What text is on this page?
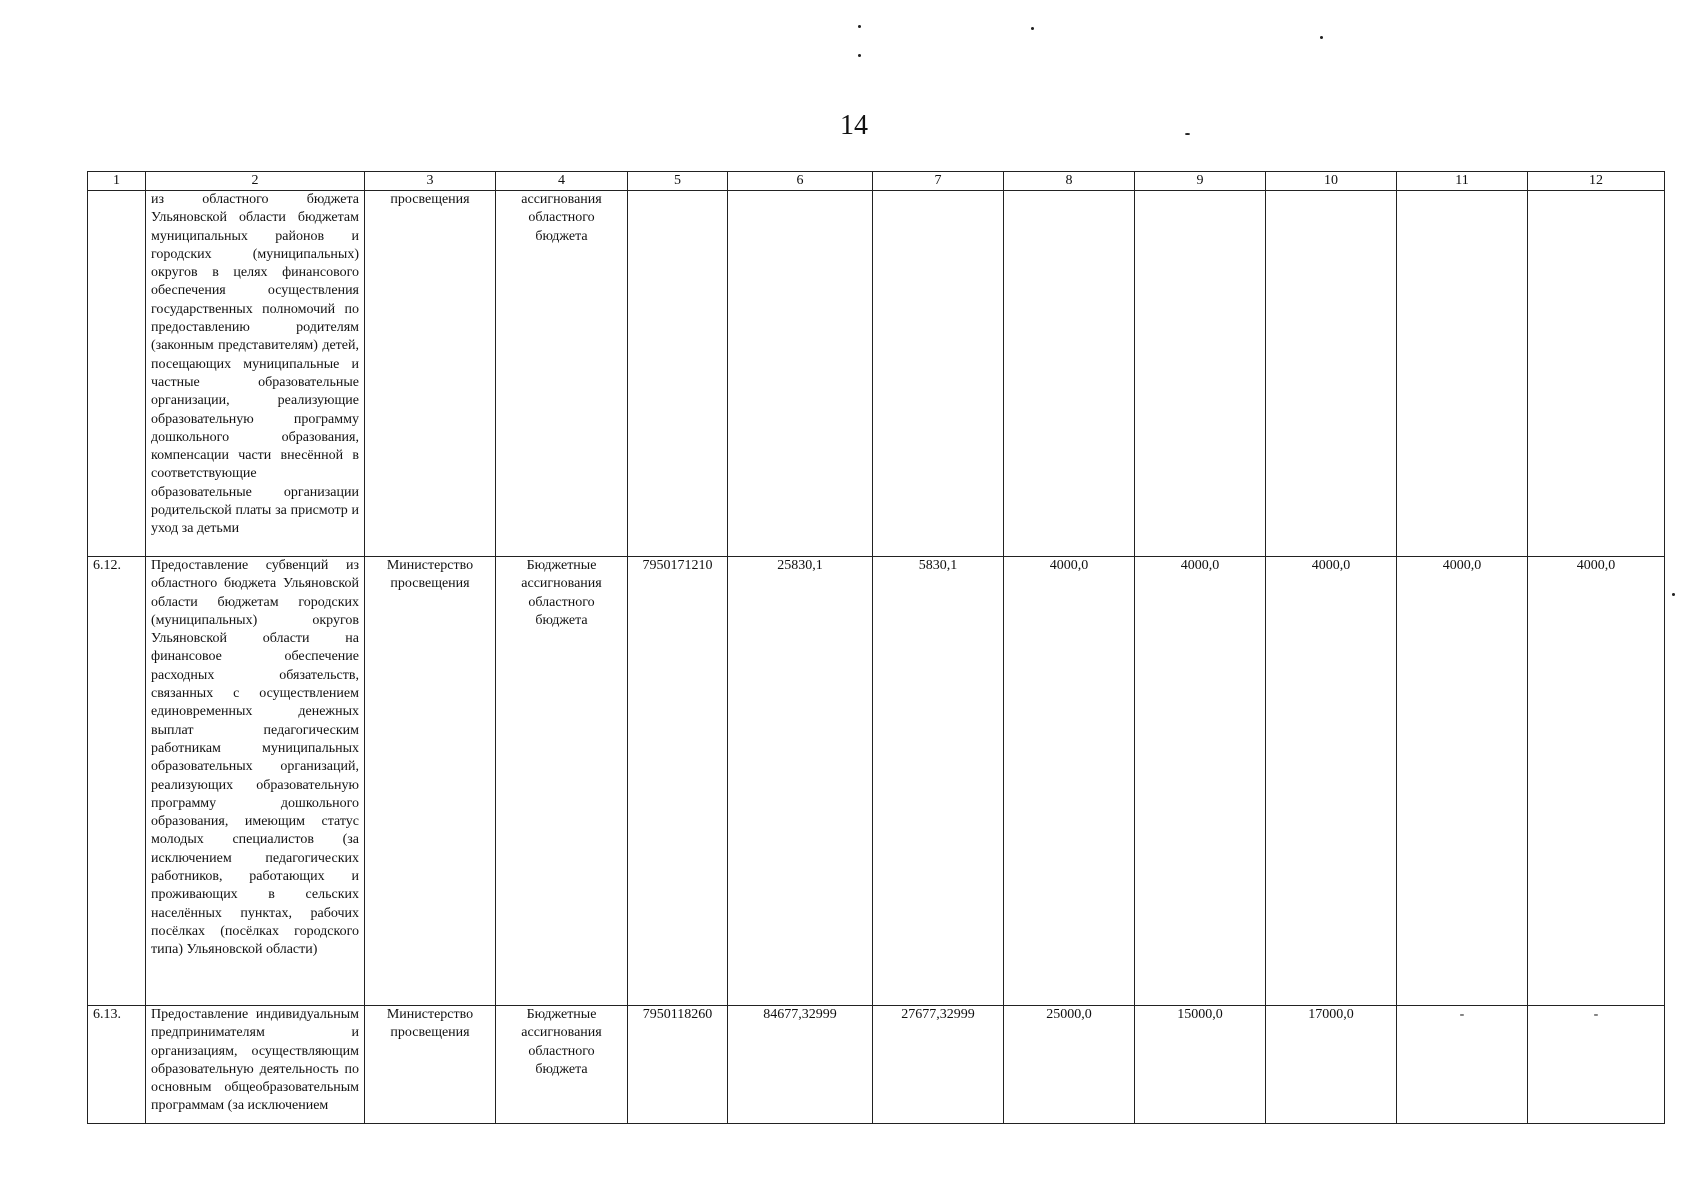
14
1	2	3	4	5	6	7	8	9	10	11	12
	из областного бюджета Ульяновской области бюджетам муниципальных районов и городских (муниципальных) округов в целях финансового обеспечения осуществления государственных полномочий по предоставлению родителям (законным представителям) детей, посещающих муниципальные и частные образовательные организации, реализующие образовательную программу дошкольного образования, компенсации части внесённой в соответствующие образовательные организации родительской платы за присмотр и уход за детьми	просвещения	ассигнования областного бюджета								
6.12.	Предоставление субвенций из областного бюджета Ульяновской области бюджетам городских (муниципальных) округов Ульяновской области на финансовое обеспечение расходных обязательств, связанных с осуществлением единовременных денежных выплат педагогическим работникам муниципальных образовательных организаций, реализующих образовательную программу дошкольного образования, имеющим статус молодых специалистов (за исключением педагогических работников, работающих и проживающих в сельских населённых пунктах, рабочих посёлках (посёлках городского типа) Ульяновской области)	Министерство просвещения	Бюджетные ассигнования областного бюджета	7950171210	25830,1	5830,1	4000,0	4000,0	4000,0	4000,0	4000,0
6.13.	Предоставление индивидуальным предпринимателям и организациям, осуществляющим образовательную деятельность по основным общеобразовательным программам (за исключением	Министерство просвещения	Бюджетные ассигнования областного бюджета	7950118260	84677,32999	27677,32999	25000,0	15000,0	17000,0	-	-
